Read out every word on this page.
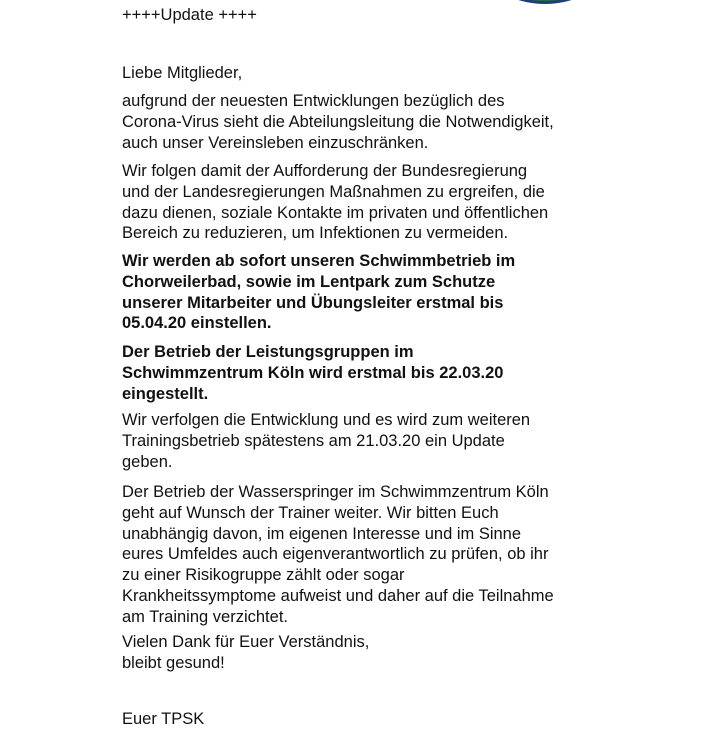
++++Update ++++
Liebe Mitglieder,
aufgrund der neuesten Entwicklungen bezüglich des
Corona-Virus sieht die Abteilungsleitung die Notwendigkeit,
auch unser Vereinsleben einzuschränken.
Wir folgen damit der Aufforderung der Bundesregierung
und der Landesregierungen Maßnahmen zu ergreifen, die
dazu dienen, soziale Kontakte im privaten und öffentlichen
Bereich zu reduzieren, um Infektionen zu vermeiden.
Wir werden ab sofort unseren Schwimmbetrieb im
Chorweilerbad, sowie im Lentpark zum Schutze
unserer Mitarbeiter und Übungsleiter erstmal bis
05.04.20 einstellen.
Der Betrieb der Leistungsgruppen im
Schwimmzentrum Köln wird erstmal bis 22.03.20
eingestellt.
Wir verfolgen die Entwicklung und es wird zum weiteren
Trainingsbetrieb spätestens am 21.03.20 ein Update
geben.
Der Betrieb der Wasserspringer im Schwimmzentrum Köln
geht auf Wunsch der Trainer weiter. Wir bitten Euch
unabhängig davon, im eigenen Interesse und im Sinne
eures Umfeldes auch eigenverantwortlich zu prüfen, ob ihr
zu einer Risikogruppe zählt oder sogar
Krankheitssymptome aufweist und daher auf die Teilnahme
am Training verzichtet.
Vielen Dank für Euer Verständnis,
bleibt gesund!
Euer TPSK
